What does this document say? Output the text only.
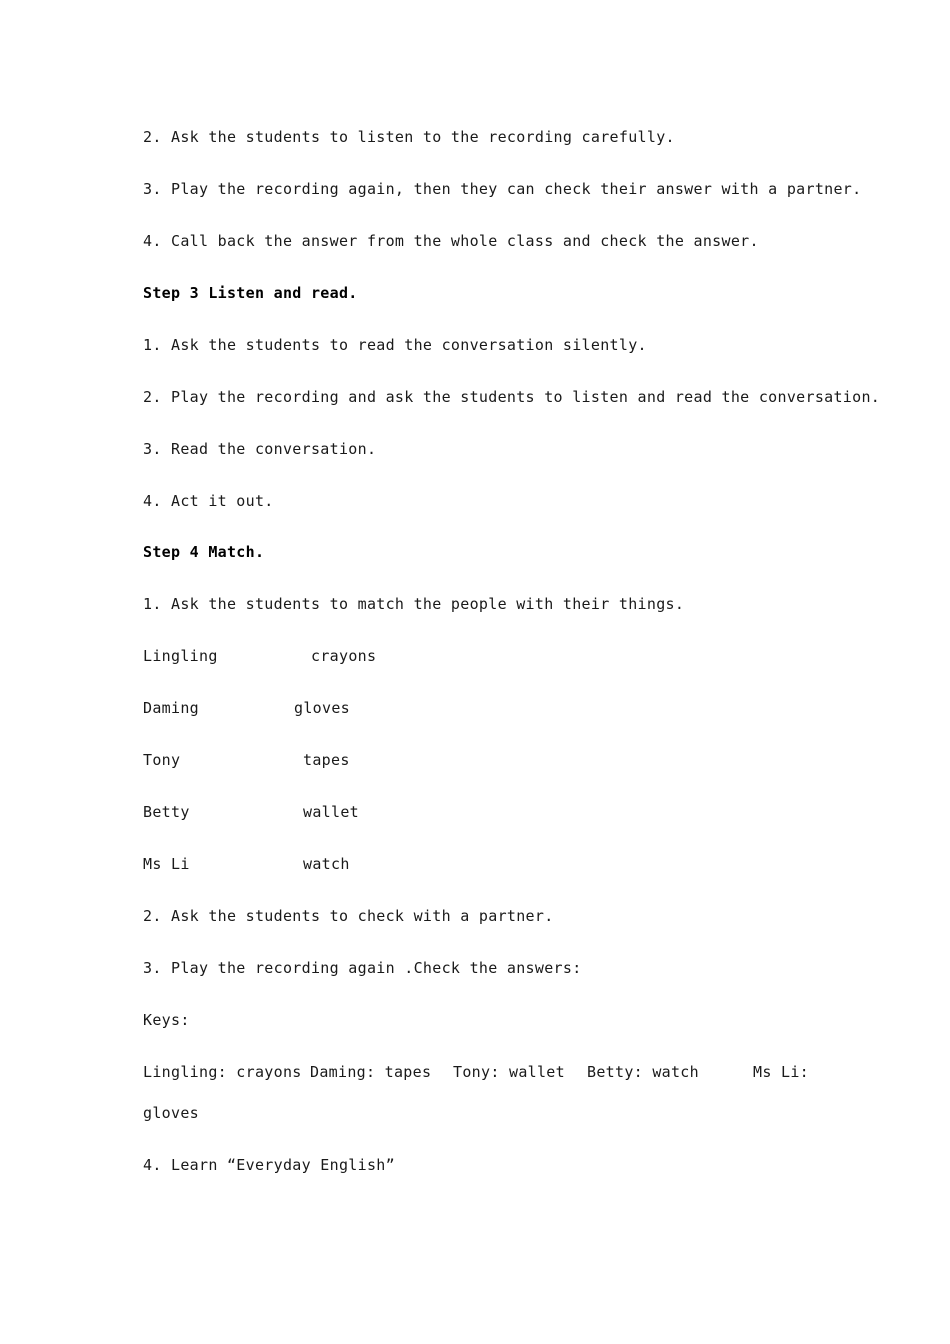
2. Ask the students to listen to the recording carefully.
3. Play the recording again, then they can check their answer with a partner.
4. Call back the answer from the whole class and check the answer.
Step 3 Listen and read.
1. Ask the students to read the conversation silently.
2. Play the recording and ask the students to listen and read the conversation.
3. Read the conversation.
4. Act it out.
Step 4 Match.
1. Ask the students to match the people with their things.
Lingling	crayons
Daming	gloves
Tony	tapes
Betty	wallet
Ms Li	watch
2. Ask the students to check with a partner.
3. Play the recording again .Check the answers:
Keys:
Lingling: crayons Daming: tapes Tony: wallet Betty: watch	Ms Li:
gloves
4. Learn “Everyday English”
